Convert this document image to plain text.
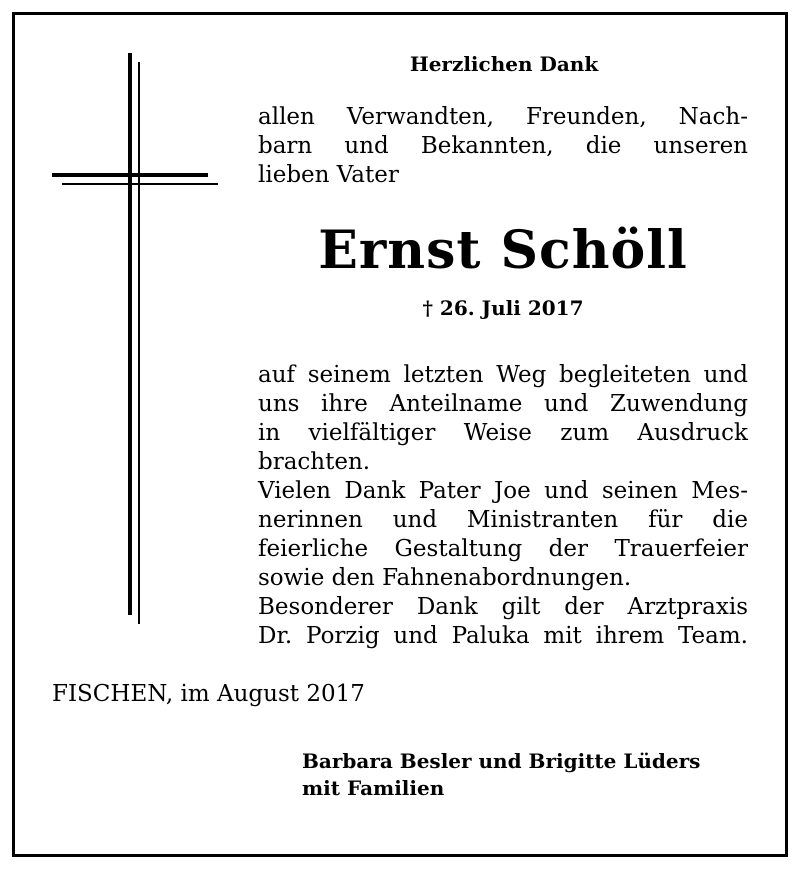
Herzlichen Dank
allen Verwandten, Freunden, Nach-
barn und Bekannten, die unseren
lieben Vater
Ernst Schöll
† 26. Juli 2017
auf seinem letzten Weg begleiteten und
uns ihre Anteilname und Zuwendung
in vielfältiger Weise zum Ausdruck
brachten.
Vielen Dank Pater Joe und seinen Mes-
nerinnen und Ministranten für die
feierliche Gestaltung der Trauerfeier
sowie den Fahnenabordnungen.
Besonderer Dank gilt der Arztpraxis
Dr. Porzig und Paluka mit ihrem Team.
FISCHEN, im August 2017
Barbara Besler und Brigitte Lüders
mit Familien
